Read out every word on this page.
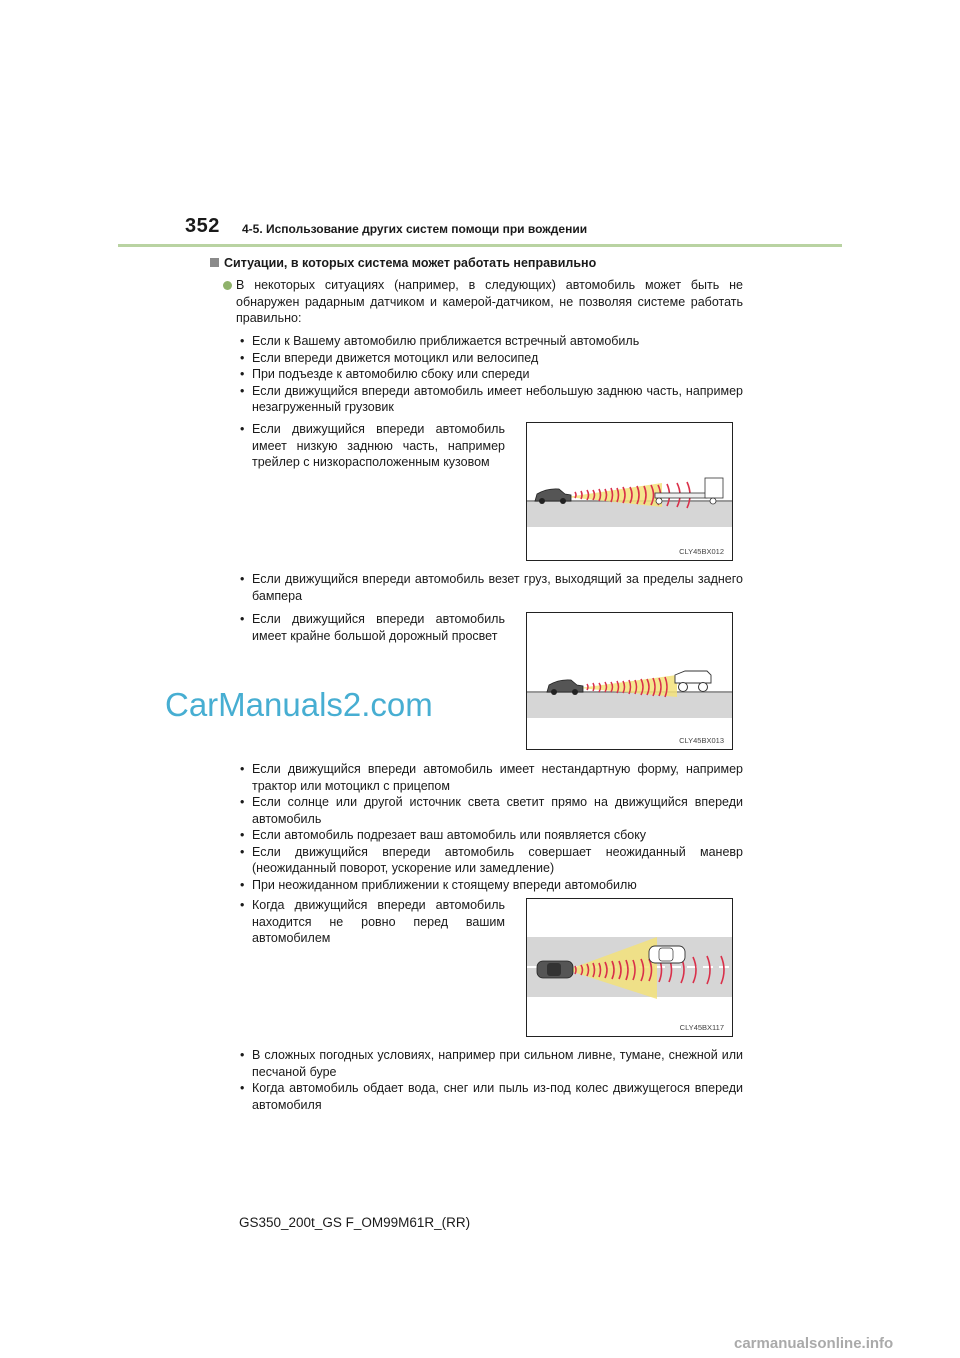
352 4-5. Использование других систем помощи при вождении
Ситуации, в которых система может работать неправильно
В некоторых ситуациях (например, в следующих) автомобиль может быть не обнаружен радарным датчиком и камерой-датчиком, не позволяя системе работать правильно:
• Если к Вашему автомобилю приближается встречный автомобиль
• Если впереди движется мотоцикл или велосипед
• При подъезде к автомобилю сбоку или спереди
• Если движущийся впереди автомобиль имеет небольшую заднюю часть, например незагруженный грузовик
• Если движущийся впереди автомобиль имеет низкую заднюю часть, например трейлер с низкорасположенным кузовом
CLY45BX012
• Если движущийся впереди автомобиль везет груз, выходящий за пределы заднего бампера
• Если движущийся впереди автомобиль имеет крайне большой дорожный просвет
CLY45BX013
CarManuals2.com
• Если движущийся впереди автомобиль имеет нестандартную форму, например трактор или мотоцикл с прицепом
• Если солнце или другой источник света светит прямо на движущийся впереди автомобиль
• Если автомобиль подрезает ваш автомобиль или появляется сбоку
• Если движущийся впереди автомобиль совершает неожиданный маневр (неожиданный поворот, ускорение или замедление)
• При неожиданном приближении к стоящему впереди автомобилю
• Когда движущийся впереди автомобиль находится не ровно перед вашим автомобилем
CLY45BX117
• В сложных погодных условиях, например при сильном ливне, тумане, снежной или песчаной буре
• Когда автомобиль обдает вода, снег или пыль из-под колес движущегося впереди автомобиля
GS350_200t_GS F_OM99M61R_(RR)
carmanualsonline.info
